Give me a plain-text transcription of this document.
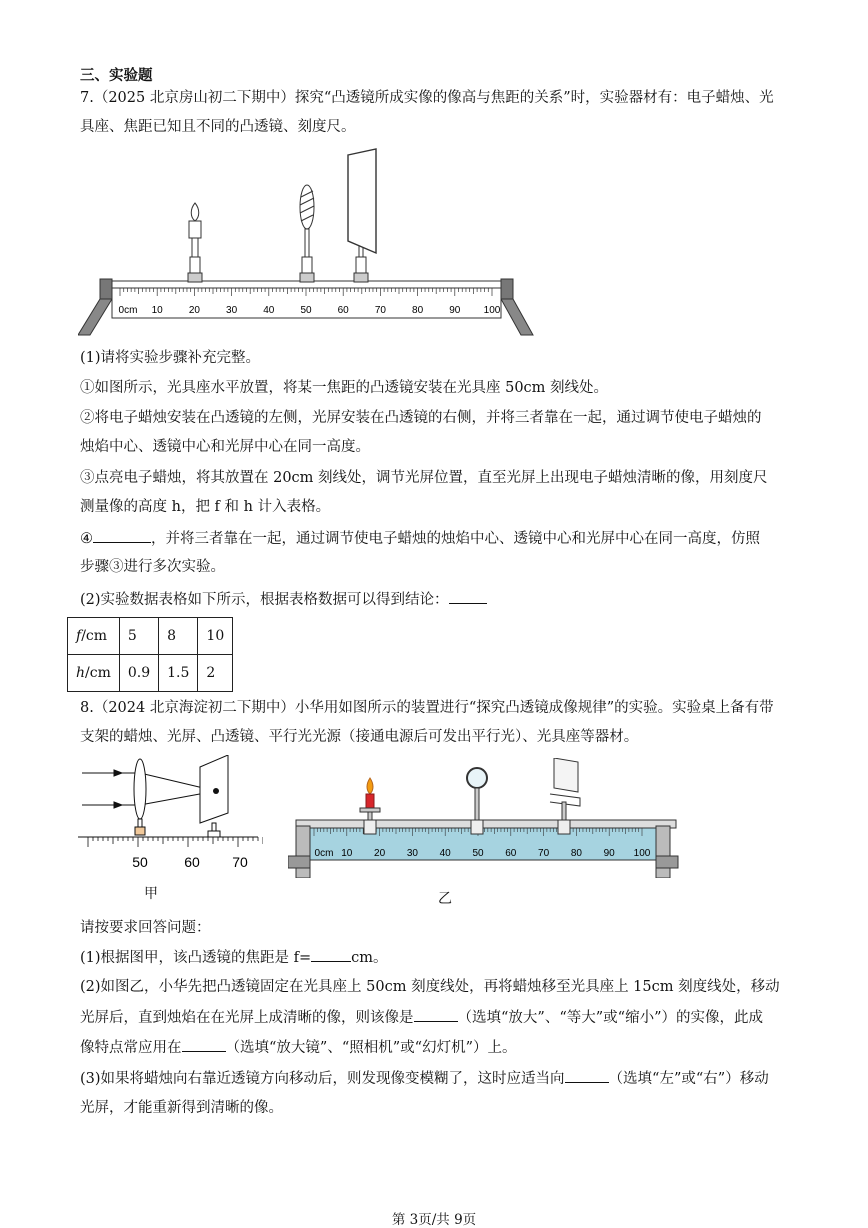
三、实验题
7.（2025 北京房山初二下期中）探究“凸透镜所成实像的像高与焦距的关系”时，实验器材有：电子蜡烛、光
具座、焦距已知且不同的凸透镜、刻度尺。
0cm 10	20	30	40	50	60	70	80	90 100
(1)请将实验步骤补充完整。
①如图所示，光具座水平放置，将某一焦距的凸透镜安装在光具座 50cm 刻线处。
②将电子蜡烛安装在凸透镜的左侧，光屏安装在凸透镜的右侧，并将三者靠在一起，通过调节使电子蜡烛的
烛焰中心、透镜中心和光屏中心在同一高度。
③点亮电子蜡烛，将其放置在 20cm 刻线处，调节光屏位置，直至光屏上出现电子蜡烛清晰的像，用刻度尺
测量像的高度 h，把 f 和 h 计入表格。
④	，并将三者靠在一起，通过调节使电子蜡烛的烛焰中心、透镜中心和光屏中心在同一高度，仿照
步骤③进行多次实验。
(2)实验数据表格如下所示，根据表格数据可以得到结论：
f/cm	5	8	10
h/cm	0.9	1.5	2
8.（2024 北京海淀初二下期中）小华用如图所示的装置进行“探究凸透镜成像规律”的实验。实验桌上备有带
支架的蜡烛、光屏、凸透镜、平行光光源（接通电源后可发出平行光）、光具座等器材。
50	60 70
甲
0cm 10 20 30 40 50 60 70 80 90 100
乙
请按要求回答问题：
(1)根据图甲，该凸透镜的焦距是 f=	cm。
(2)如图乙，小华先把凸透镜固定在光具座上 50cm 刻度线处，再将蜡烛移至光具座上 15cm 刻度线处，移动
光屏后，直到烛焰在在光屏上成清晰的像，则该像是	（选填“放大”、“等大”或“缩小”）的实像，此成
像特点常应用在	（选填“放大镜”、“照相机”或“幻灯机”）上。
(3)如果将蜡烛向右靠近透镜方向移动后，则发现像变模糊了，这时应适当向	（选填“左”或“右”）移动
光屏，才能重新得到清晰的像。
第 3页/共 9页
